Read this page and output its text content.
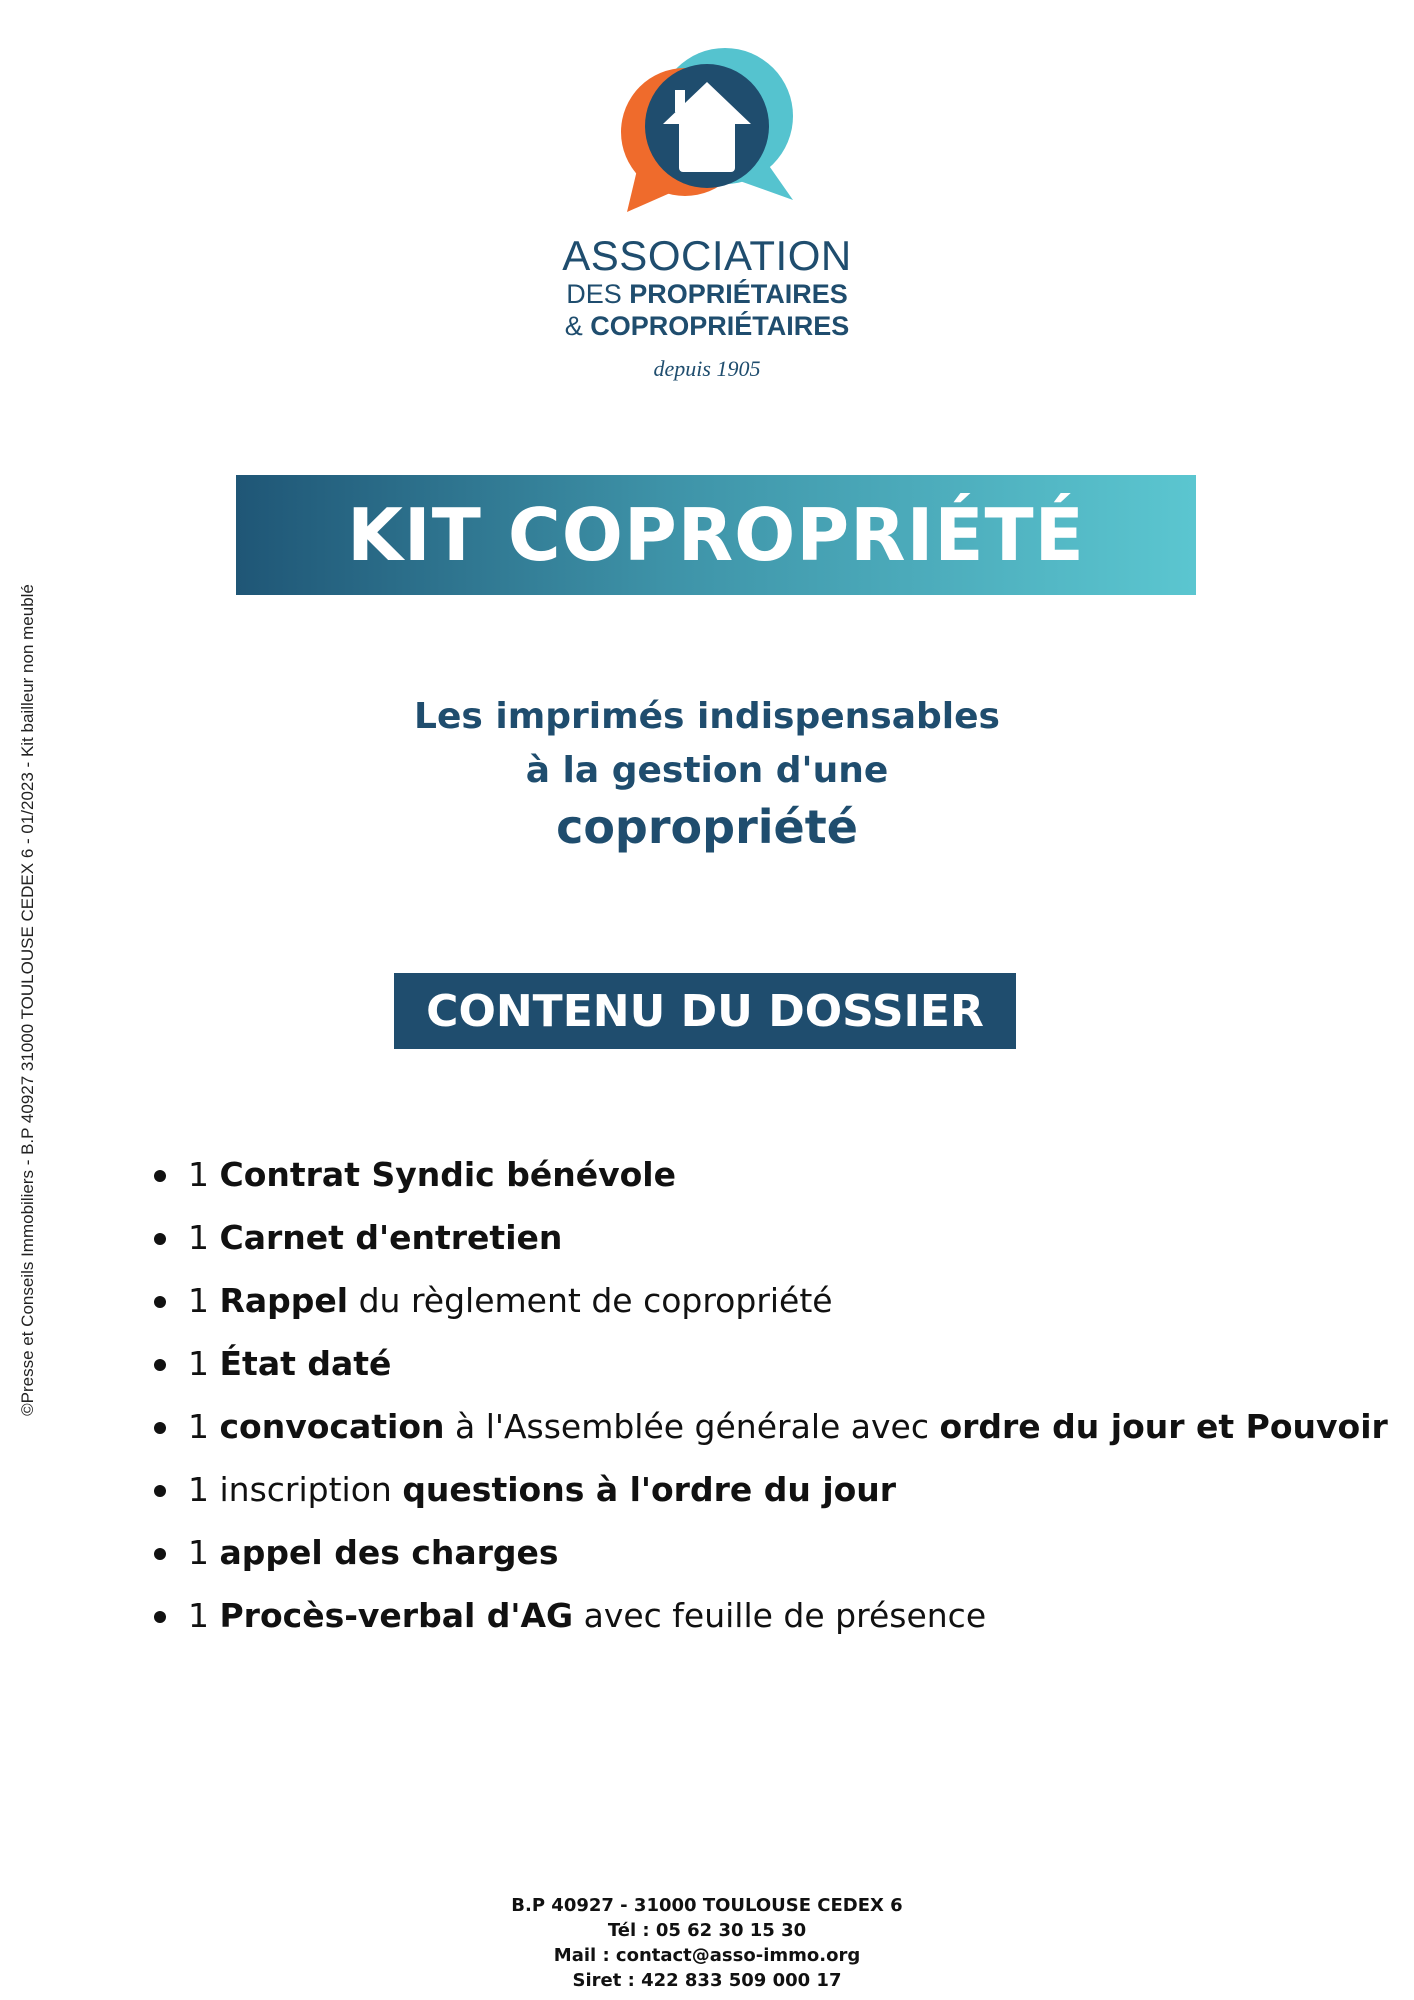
©Presse et Conseils Immobiliers - B.P 40927 31000 TOULOUSE CEDEX 6 - 01/2023 - Kit bailleur non meublé
ASSOCIATION
DES PROPRIÉTAIRES
& COPROPRIÉTAIRES
depuis 1905
KIT COPROPRIÉTÉ
Les imprimés indispensables
à la gestion d'une
copropriété
CONTENU DU DOSSIER
1 Contrat Syndic bénévole
1 Carnet d'entretien
1 Rappel du règlement de copropriété
1 État daté
1 convocation à l'Assemblée générale avec ordre du jour et Pouvoir
1 inscription questions à l'ordre du jour
1 appel des charges
1 Procès-verbal d'AG avec feuille de présence
B.P 40927 - 31000 TOULOUSE CEDEX 6
Tél : 05 62 30 15 30
Mail : contact@asso-immo.org
Siret : 422 833 509 000 17
